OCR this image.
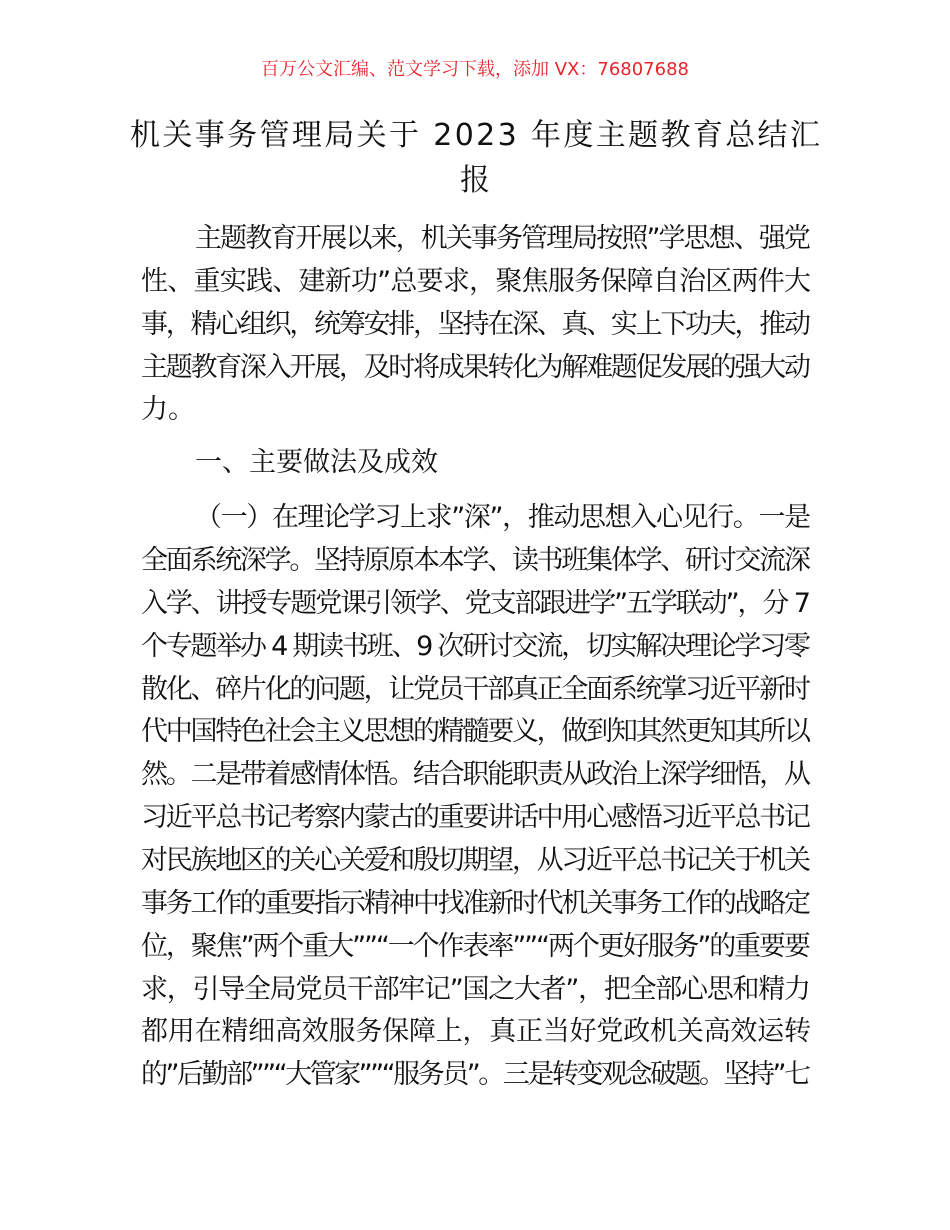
百万公文汇编、范文学习下载，添加 VX：76807688
机关事务管理局关于 2023 年度主题教育总结汇
报
主题教育开展以来，机关事务管理局按照”学思想、强党
性、重实践、建新功”总要求，聚焦服务保障自治区两件大
事，精心组织，统筹安排，坚持在深、真、实上下功夫，推动
主题教育深入开展，及时将成果转化为解难题促发展的强大动
力。
一、主要做法及成效
（一）在理论学习上求”深”，推动思想入心见行。一是
全面系统深学。坚持原原本本学、读书班集体学、研讨交流深
入学、讲授专题党课引领学、党支部跟进学”五学联动”，分 7
个专题举办 4 期读书班、9 次研讨交流，切实解决理论学习零
散化、碎片化的问题，让党员干部真正全面系统掌习近平新时
代中国特色社会主义思想的精髓要义，做到知其然更知其所以
然。二是带着感情体悟。结合职能职责从政治上深学细悟，从
习近平总书记考察内蒙古的重要讲话中用心感悟习近平总书记
对民族地区的关心关爱和殷切期望，从习近平总书记关于机关
事务工作的重要指示精神中找准新时代机关事务工作的战略定
位，聚焦”两个重大””“一个作表率””“两个更好服务”的重要要
求，引导全局党员干部牢记”国之大者”，把全部心思和精力
都用在精细高效服务保障上，真正当好党政机关高效运转
的”后勤部””“大管家””“服务员”。三是转变观念破题。坚持”七
